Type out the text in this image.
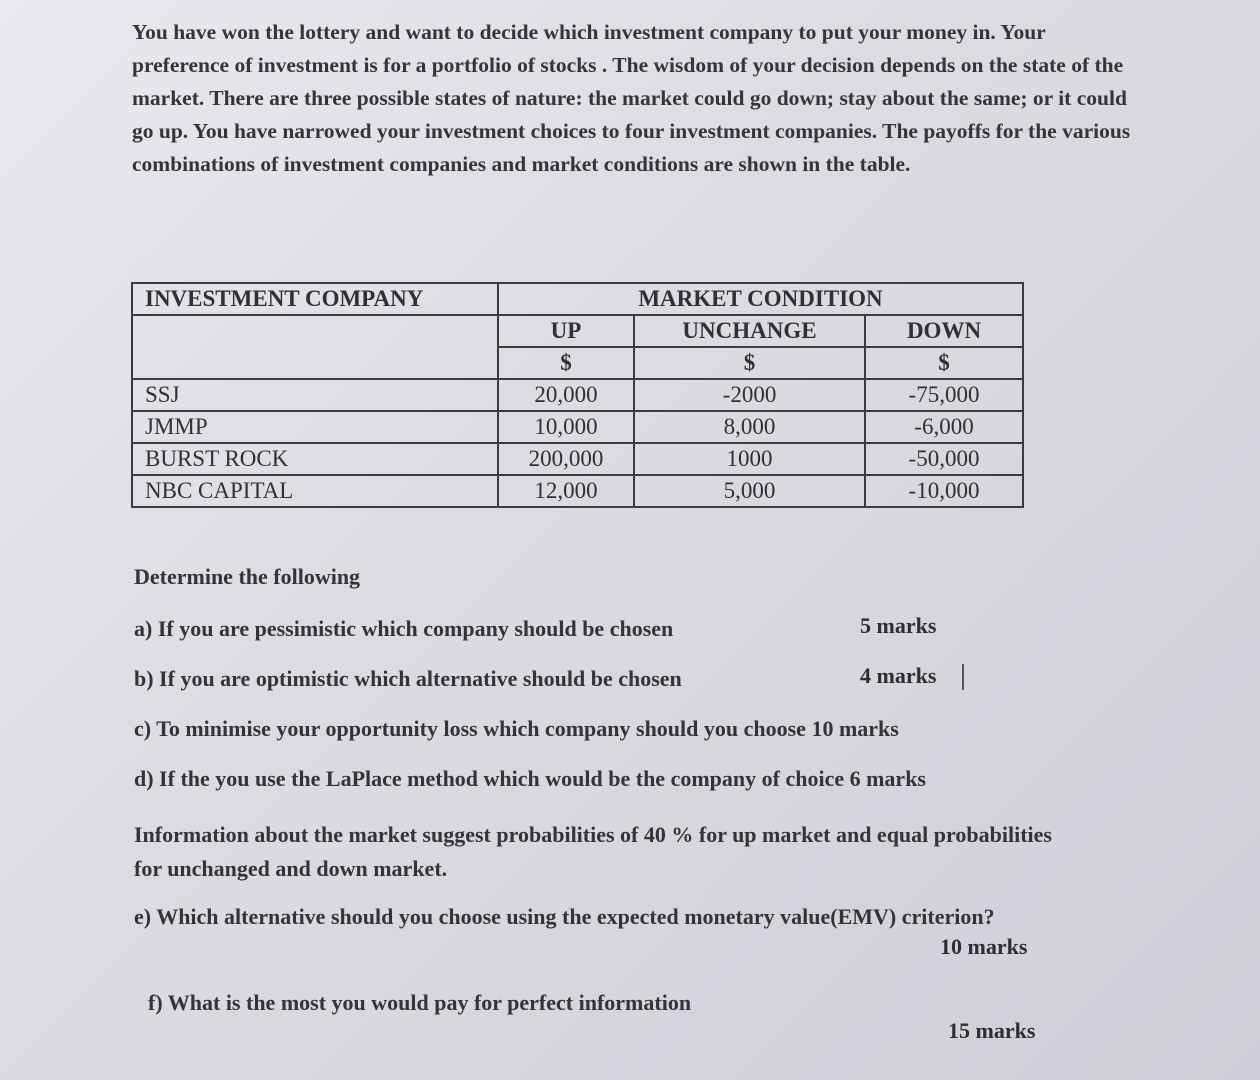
You have won the lottery and want to decide which investment company to put your money in. Your preference of investment is for a portfolio of stocks . The wisdom of your decision depends on the state of the market. There are three possible states of nature: the market could go down; stay about the same; or it could go up. You have narrowed your investment choices to four investment companies. The payoffs for the various combinations of investment companies and market conditions are shown in the table.
INVESTMENT COMPANY	MARKET CONDITION		
	UP	UNCHANGE	DOWN
	$	$	$
SSJ	20,000	-2000	-75,000
JMMP	10,000	8,000	-6,000
BURST ROCK	200,000	1000	-50,000
NBC CAPITAL	12,000	5,000	-10,000
Determine the following
a) If you are pessimistic which company should be chosen	5 marks
b) If you are optimistic which alternative should be chosen	4 marks
c) To minimise your opportunity loss which company should you choose 10 marks
d) If the you use the LaPlace method which would be the company of choice 6 marks
Information about the market suggest probabilities of 40 % for up market and equal probabilities for unchanged and down market.
e) Which alternative should you choose using the expected monetary value(EMV) criterion?
10 marks
f) What is the most you would pay for perfect information
15 marks
